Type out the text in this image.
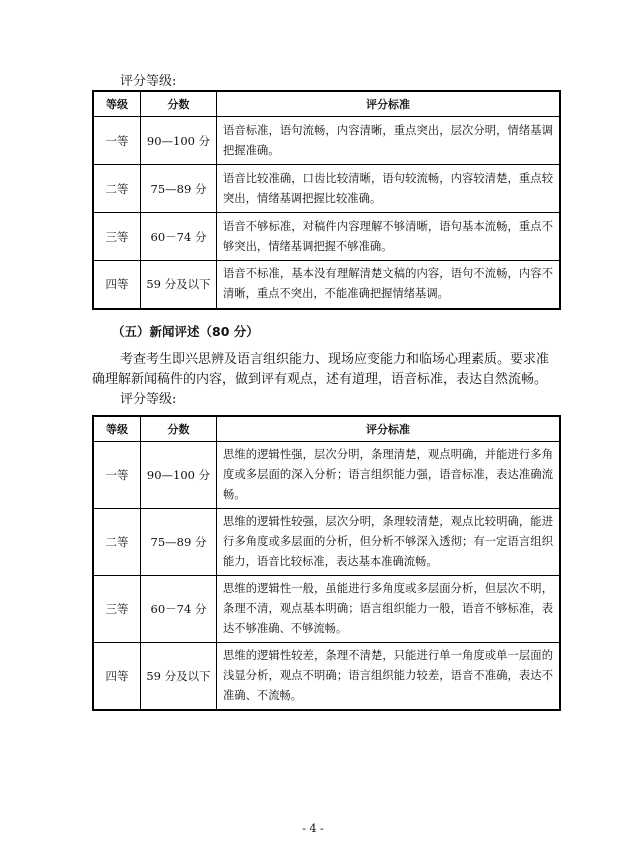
评分等级:
等级	分数	评分标准
一等	90—100 分	语音标准，语句流畅，内容清晰，重点突出，层次分明，情绪基调把握准确。
二等	75—89 分	语音比较准确，口齿比较清晰，语句较流畅，内容较清楚，重点较突出，情绪基调把握比较准确。
三等	60－74 分	语音不够标准，对稿件内容理解不够清晰，语句基本流畅，重点不够突出，情绪基调把握不够准确。
四等	59 分及以下	语音不标准，基本没有理解清楚文稿的内容，语句不流畅，内容不清晰，重点不突出，不能准确把握情绪基调。
（五）新闻评述（80 分）
考查考生即兴思辨及语言组织能力、现场应变能力和临场心理素质。要求准
确理解新闻稿件的内容，做到评有观点，述有道理，语音标准，表达自然流畅。
评分等级:
等级	分数	评分标准
一等	90—100 分	思维的逻辑性强，层次分明，条理清楚，观点明确，并能进行多角度或多层面的深入分析；语言组织能力强，语音标准，表达准确流畅。
二等	75—89 分	思维的逻辑性较强，层次分明，条理较清楚，观点比较明确，能进行多角度或多层面的分析，但分析不够深入透彻；有一定语言组织能力，语音比较标准，表达基本准确流畅。
三等	60－74 分	思维的逻辑性一般，虽能进行多角度或多层面分析，但层次不明，条理不清，观点基本明确；语言组织能力一般，语音不够标准，表达不够准确、不够流畅。
四等	59 分及以下	思维的逻辑性较差，条理不清楚，只能进行单一角度或单一层面的浅显分析，观点不明确；语言组织能力较差，语音不准确，表达不准确、不流畅。
- 4 -
